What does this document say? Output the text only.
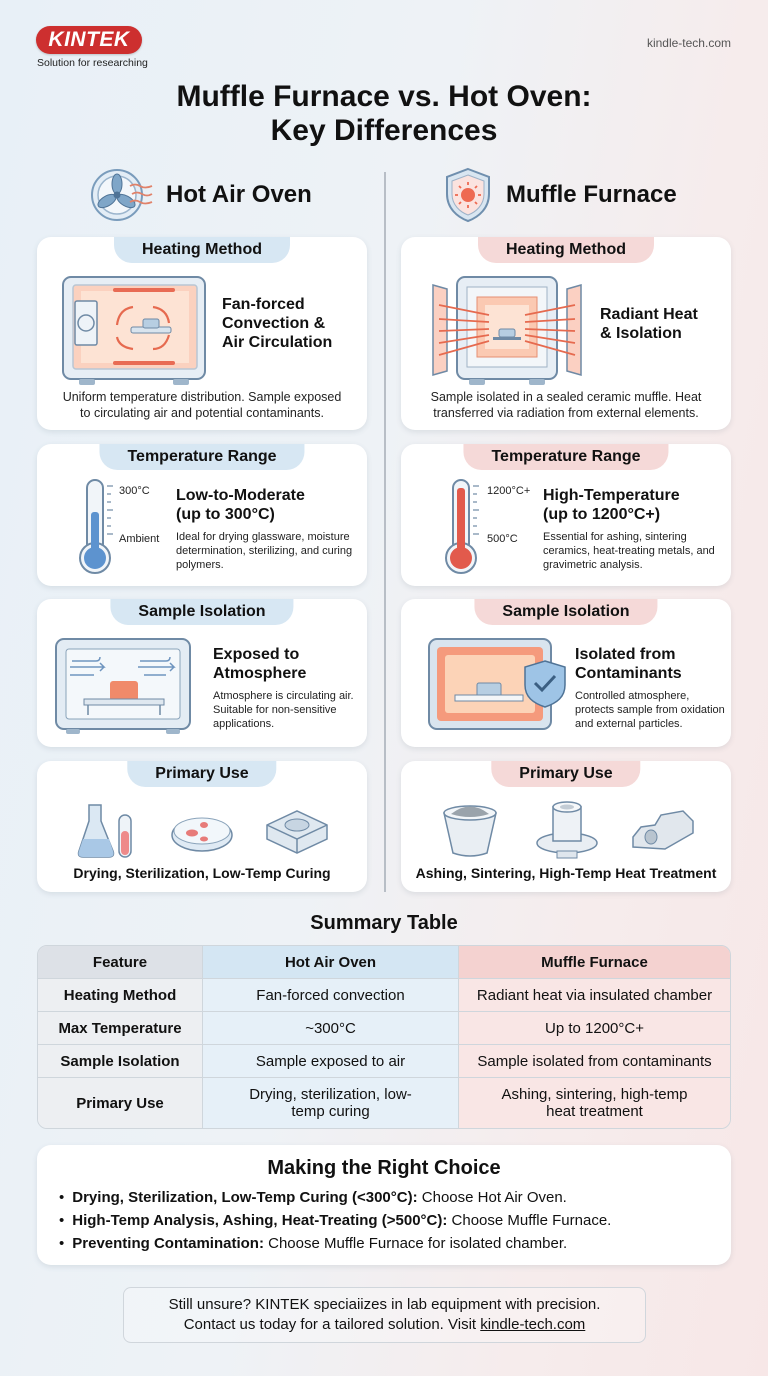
KINTEK
Solution for researching
kindle-tech.com
Muffle Furnace vs. Hot Oven:
Key Differences
Hot Air Oven	Muffle Furnace
Heating Method
Fan-forced
Convection &
Air Circulation
Uniform temperature distribution. Sample exposed
to circulating air and potential contaminants.
Heating Method
Radiant Heat
& Isolation
Sample isolated in a sealed ceramic muffle. Heat
transferred via radiation from external elements.
Temperature Range
300°C
Ambient
Low-to-Moderate
(up to 300°C)
Ideal for drying glassware, moisture determination, sterilizing, and curing polymers.
Temperature Range
1200°C+
500°C
High-Temperature
(up to 1200°C+)
Essential for ashing, sintering ceramics, heat-treating metals, and gravimetric analysis.
Sample Isolation
Exposed to
Atmosphere
Atmosphere is circulating air. Suitable for non-sensitive applications.
Sample Isolation
Isolated from
Contaminants
Controlled atmosphere, protects sample from oxidation and external particles.
Primary Use
Drying, Sterilization, Low-Temp Curing
Primary Use
Ashing, Sintering, High-Temp Heat Treatment
Summary Table
Feature	Hot Air Oven	Muffle Furnace
Heating Method	Fan-forced convection	Radiant heat via insulated chamber
Max Temperature	~300°C	Up to 1200°C+
Sample Isolation	Sample exposed to air	Sample isolated from contaminants
Primary Use	Drying, sterilization, low-temp curing	Ashing, sintering, high-temp heat treatment
Making the Right Choice
• Drying, Sterilization, Low-Temp Curing (<300°C): Choose Hot Air Oven.
• High-Temp Analysis, Ashing, Heat-Treating (>500°C): Choose Muffle Furnace.
• Preventing Contamination: Choose Muffle Furnace for isolated chamber.
Still unsure? KINTEK speciaiizes in lab equipment with precision.
Contact us today for a tailored solution. Visit kindle-tech.com
